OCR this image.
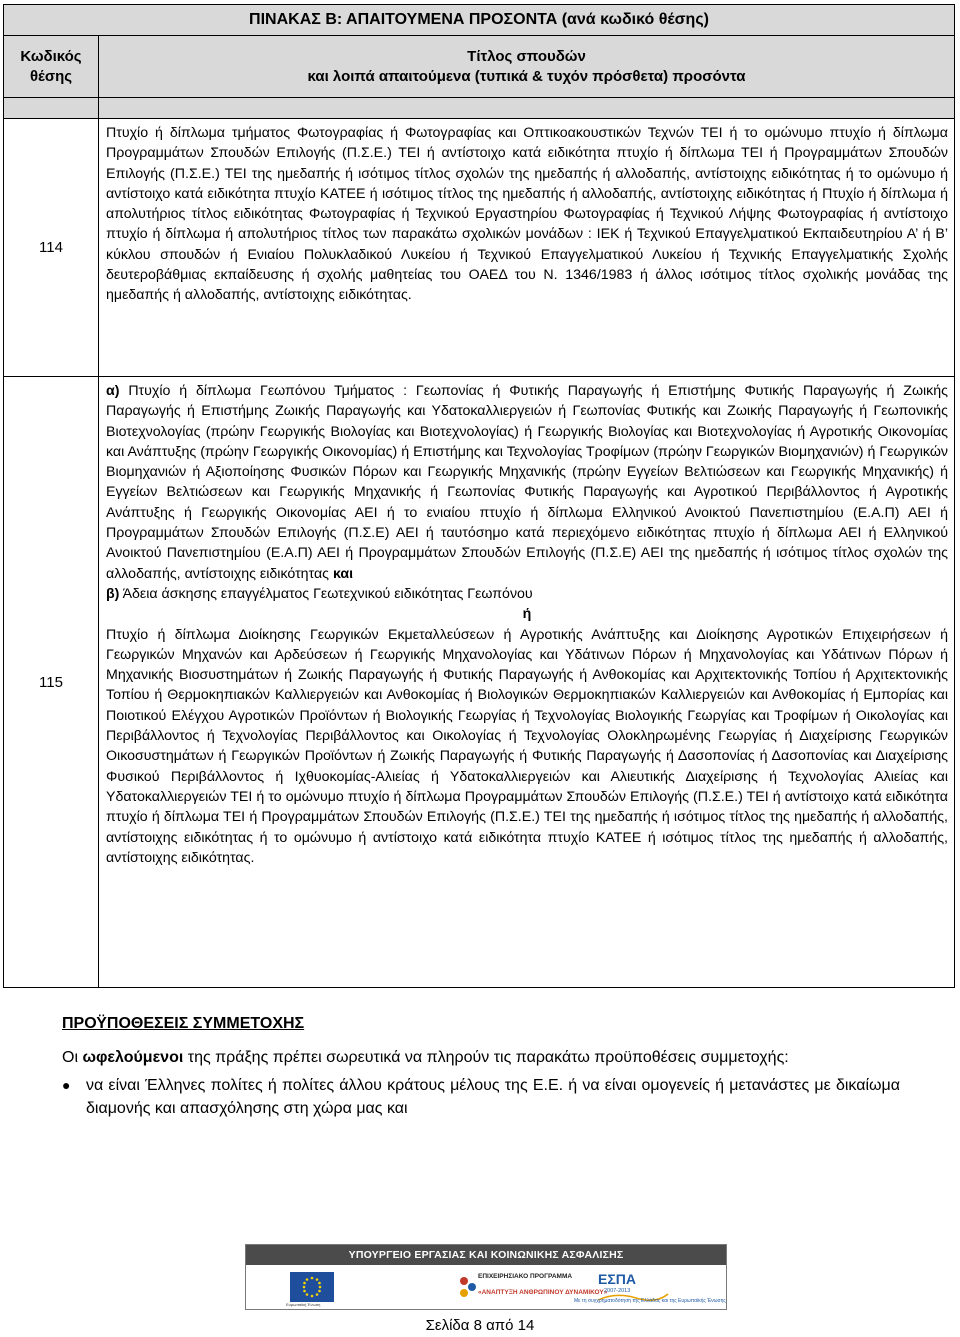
ΠΙΝΑΚΑΣ Β: ΑΠΑΙΤΟΥΜΕΝΑ ΠΡΟΣΟΝΤΑ (ανά κωδικό θέσης)	

Κωδικός
θέσης	Τίτλος σπουδών
και λοιπά απαιτούμενα (τυπικά & τυχόν πρόσθετα) προσόντα

114	Πτυχίο ή δίπλωμα τμήματος Φωτογραφίας ή Φωτογραφίας και Οπτικοακουστικών Τεχνών ΤΕΙ ή το ομώνυμο πτυχίο ή δίπλωμα Προγραμμάτων Σπουδών Επιλογής (Π.Σ.Ε.) ΤΕΙ ή αντίστοιχο κατά ειδικότητα πτυχίο ή δίπλωμα ΤΕΙ ή Προγραμμάτων Σπουδών Επιλογής (Π.Σ.Ε.) ΤΕΙ της ημεδαπής ή ισότιμος τίτλος σχολών της ημεδαπής ή αλλοδαπής, αντίστοιχης ειδικότητας ή το ομώνυμο ή αντίστοιχο κατά ειδικότητα πτυχίο ΚΑΤΕΕ ή ισότιμος τίτλος της ημεδαπής ή αλλοδαπής, αντίστοιχης ειδικότητας ή Πτυχίο ή δίπλωμα ή απολυτήριος τίτλος ειδικότητας Φωτογραφίας ή Τεχνικού Εργαστηρίου Φωτογραφίας ή Τεχνικού Λήψης Φωτογραφίας ή αντίστοιχο πτυχίο ή δίπλωμα ή απολυτήριος τίτλος των παρακάτω σχολικών μονάδων : ΙΕΚ ή Τεχνικού Επαγγελματικού Εκπαιδευτηρίου Α’ ή Β’ κύκλου σπουδών ή Ενιαίου Πολυκλαδικού Λυκείου ή Τεχνικού Επαγγελματικού Λυκείου ή Τεχνικής Επαγγελματικής Σχολής δευτεροβάθμιας εκπαίδευσης ή σχολής μαθητείας του ΟΑΕΔ του Ν. 1346/1983 ή άλλος ισότιμος τίτλος σχολικής μονάδας της ημεδαπής ή αλλοδαπής, αντίστοιχης ειδικότητας.

115	α) Πτυχίο ή δίπλωμα Γεωπόνου Τμήματος : Γεωπονίας ή Φυτικής Παραγωγής ή Επιστήμης Φυτικής Παραγωγής ή Ζωικής Παραγωγής ή Επιστήμης Ζωικής Παραγωγής και Υδατοκαλλιεργειών ή Γεωπονίας Φυτικής και Ζωικής Παραγωγής ή Γεωπονικής Βιοτεχνολογίας (πρώην Γεωργικής Βιολογίας και Βιοτεχνολογίας) ή Γεωργικής Βιολογίας και Βιοτεχνολογίας ή Αγροτικής Οικονομίας και Ανάπτυξης (πρώην Γεωργικής Οικονομίας) ή Επιστήμης και Τεχνολογίας Τροφίμων (πρώην Γεωργικών Βιομηχανιών) ή Γεωργικών Βιομηχανιών ή Αξιοποίησης Φυσικών Πόρων και Γεωργικής Μηχανικής (πρώην Εγγείων Βελτιώσεων και Γεωργικής Μηχανικής) ή Εγγείων Βελτιώσεων και Γεωργικής Μηχανικής ή Γεωπονίας Φυτικής Παραγωγής και Αγροτικού Περιβάλλοντος ή Αγροτικής Ανάπτυξης ή Γεωργικής Οικονομίας ΑΕΙ ή το ενιαίου πτυχίο ή δίπλωμα Ελληνικού Ανοικτού Πανεπιστημίου (Ε.Α.Π) ΑΕΙ ή Προγραμμάτων Σπουδών Επιλογής (Π.Σ.Ε) ΑΕΙ ή ταυτόσημο κατά περιεχόμενο ειδικότητας πτυχίο ή δίπλωμα ΑΕΙ ή Ελληνικού Ανοικτού Πανεπιστημίου (Ε.Α.Π) ΑΕΙ ή Προγραμμάτων Σπουδών Επιλογής (Π.Σ.Ε) ΑΕΙ της ημεδαπής ή ισότιμος τίτλος σχολών της αλλοδαπής, αντίστοιχης ειδικότητας και

β) Άδεια άσκησης επαγγέλματος Γεωτεχνικού ειδικότητας Γεωπόνου

ή

Πτυχίο ή δίπλωμα Διοίκησης Γεωργικών Εκμεταλλεύσεων ή Αγροτικής Ανάπτυξης και Διοίκησης Αγροτικών Επιχειρήσεων ή Γεωργικών Μηχανών και Αρδεύσεων ή Γεωργικής Μηχανολογίας και Υδάτινων Πόρων ή Μηχανολογίας και Υδάτινων Πόρων ή Μηχανικής Βιοσυστημάτων ή Ζωικής Παραγωγής ή Φυτικής Παραγωγής ή Ανθοκομίας και Αρχιτεκτονικής Τοπίου ή Αρχιτεκτονικής Τοπίου ή Θερμοκηπιακών Καλλιεργειών και Ανθοκομίας ή Βιολογικών Θερμοκηπιακών Καλλιεργειών και Ανθοκομίας ή Εμπορίας και Ποιοτικού Ελέγχου Αγροτικών Προϊόντων ή Βιολογικής Γεωργίας ή Τεχνολογίας Βιολογικής Γεωργίας και Τροφίμων ή Οικολογίας και Περιβάλλοντος ή Τεχνολογίας Περιβάλλοντος και Οικολογίας ή Τεχνολογίας Ολοκληρωμένης Γεωργίας ή Διαχείρισης Γεωργικών Οικοσυστημάτων ή Γεωργικών Προϊόντων ή Ζωικής Παραγωγής ή Φυτικής Παραγωγής ή Δασοπονίας ή Δασοπονίας και Διαχείρισης Φυσικού Περιβάλλοντος ή Ιχθυοκομίας-Αλιείας ή Υδατοκαλλιεργειών και Αλιευτικής Διαχείρισης ή Τεχνολογίας Αλιείας και Υδατοκαλλιεργειών ΤΕΙ ή το ομώνυμο πτυχίο ή δίπλωμα Προγραμμάτων Σπουδών Επιλογής (Π.Σ.Ε.) ΤΕΙ ή αντίστοιχο κατά ειδικότητα πτυχίο ή δίπλωμα ΤΕΙ ή Προγραμμάτων Σπουδών Επιλογής (Π.Σ.Ε.) ΤΕΙ της ημεδαπής ή ισότιμος τίτλος της ημεδαπής ή αλλοδαπής, αντίστοιχης ειδικότητας ή το ομώνυμο ή αντίστοιχο κατά ειδικότητα πτυχίο ΚΑΤΕΕ ή ισότιμος τίτλος της ημεδαπής ή αλλοδαπής, αντίστοιχης ειδικότητας.

ΠΡΟΫΠΟΘΕΣΕΙΣ ΣΥΜΜΕΤΟΧΗΣ

Οι ωφελούμενοι της πράξης πρέπει σωρευτικά να πληρούν τις παρακάτω προϋποθέσεις συμμετοχής:

● να είναι Έλληνες πολίτες ή πολίτες άλλου κράτους μέλους της Ε.Ε. ή να είναι ομογενείς ή μετανάστες με δικαίωμα διαμονής και απασχόλησης στη χώρα μας και
ΥΠΟΥΡΓΕΙΟ ΕΡΓΑΣΙΑΣ ΚΑΙ ΚΟΙΝΩΝΙΚΗΣ ΑΣΦΑΛΙΣΗΣ
Ευρωπαϊκή Ένωση
ΕΠΙΧΕΙΡΗΣΙΑΚΟ ΠΡΟΓΡΑΜΜΑ
«ΑΝΑΠΤΥΞΗ ΑΝΘΡΩΠΙΝΟΥ ΔΥΝΑΜΙΚΟΥ»
ΕΣΠΑ
2007-2013
Με τη συγχρηματοδότηση της Ελλάδας και της Ευρωπαϊκής Ένωσης
Σελίδα 8 από 14
